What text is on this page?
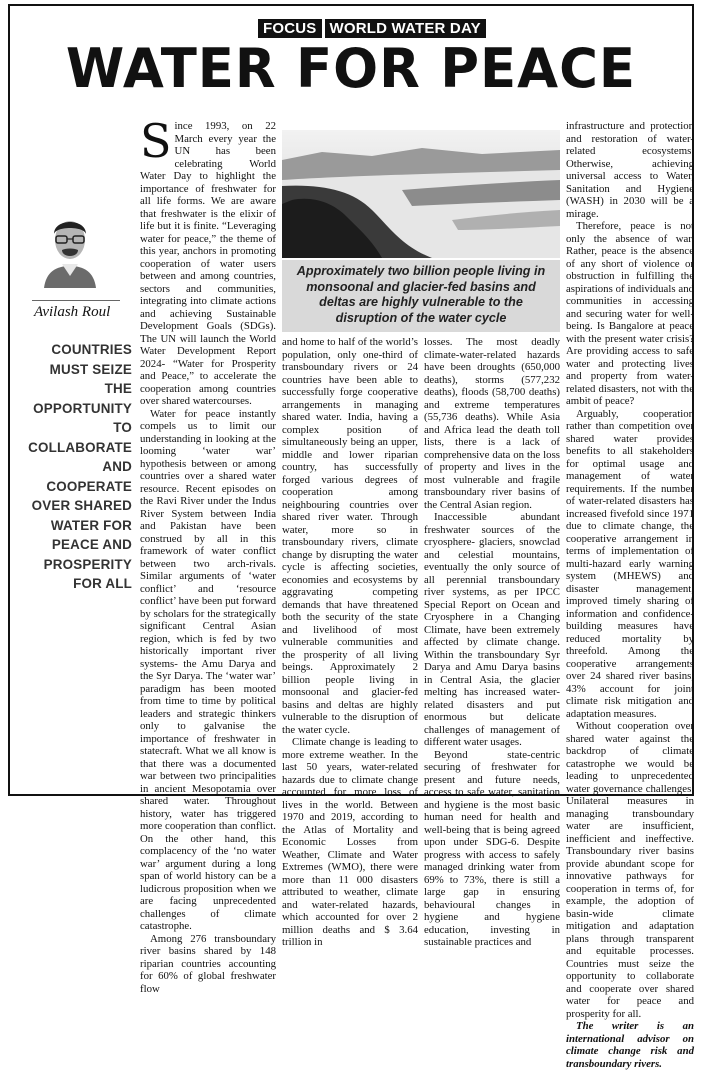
FOCUS WORLD WATER DAY
WATER FOR PEACE
Avilash Roul
COUNTRIES MUST SEIZE THE OPPORTUNITY TO COLLABORATE AND COOPERATE OVER SHARED WATER FOR PEACE AND PROSPERITY FOR ALL
S ince 1993, on 22 March every year the UN has been celebrating World Water Day to highlight the importance of freshwater for all life forms. We are aware that freshwater is the elixir of life but it is finite. “Leveraging water for peace,” the theme of this year, anchors in promoting cooperation of water users between and among countries, sectors and communities, integrating into climate actions and achieving Sustainable Development Goals (SDGs). The UN will launch the World Water Development Report 2024- “Water for Prosperity and Peace,” to accelerate the cooperation among countries over shared watercourses.

Water for peace instantly compels us to limit our understanding in looking at the looming ‘water war’ hypothesis between or among countries over a shared water resource. Recent episodes on the Ravi River under the Indus River System between India and Pakistan have been construed by all in this framework of water conflict between two arch-rivals. Similar arguments of ‘water conflict’ and ‘resource conflict’ have been put forward by scholars for the strategically significant Central Asian region, which is fed by two historically important river systems- the Amu Darya and the Syr Darya. The ‘water war’ paradigm has been mooted from time to time by political leaders and strategic thinkers only to galvanise the importance of freshwater in statecraft. What we all know is that there was a documented war between two principalities in ancient Mesopotamia over shared water. Throughout history, water has triggered more cooperation than conflict. On the other hand, this complacency of the ‘no water war’ argument during a long span of world history can be a ludicrous proposition when we are facing unprecedented challenges of climate catastrophe.

Among 276 transboundary river basins shared by 148 riparian countries accounting for 60% of global freshwater flow

Approximately two billion people living in monsoonal and glacier-fed basins and deltas are highly vulnerable to the disruption of the water cycle

and home to half of the world’s population, only one-third of transboundary rivers or 24 countries have been able to successfully forge cooperative arrangements in managing shared water. India, having a complex position of simultaneously being an upper, middle and lower riparian country, has successfully forged various degrees of cooperation among neighbouring countries over shared river water. Through water, more so in transboundary rivers, climate change by disrupting the water cycle is affecting societies, economies and ecosystems by aggravating competing demands that have threatened both the security of the state and livelihood of most vulnerable communities and the prosperity of all living beings. Approximately 2 billion people living in monsoonal and glacier-fed basins and deltas are highly vulnerable to the disruption of the water cycle.

Climate change is leading to more extreme weather. In the last 50 years, water-related hazards due to climate change accounted for more loss of lives in the world. Between 1970 and 2019, according to the Atlas of Mortality and Economic Losses from Weather, Climate and Water Extremes (WMO), there were more than 11 000 disasters attributed to weather, climate and water-related hazards, which accounted for over 2 million deaths and $ 3.64 trillion in

losses. The most deadly climate-water-related hazards have been droughts (650,000 deaths), storms (577,232 deaths), floods (58,700 deaths) and extreme temperatures (55,736 deaths). While Asia and Africa lead the death toll lists, there is a lack of comprehensive data on the loss of property and lives in the most vulnerable and fragile transboundary river basins of the Central Asian region.

Inaccessible abundant freshwater sources of the cryosphere- glaciers, snowclad and celestial mountains, eventually the only source of all perennial transboundary river systems, as per IPCC Special Report on Ocean and Cryosphere in a Changing Climate, have been extremely affected by climate change. Within the transboundary Syr Darya and Amu Darya basins in Central Asia, the glacier melting has increased water-related disasters and put enormous but delicate challenges of management of different water usages.

Beyond state-centric securing of freshwater for present and future needs, access to safe water, sanitation and hygiene is the most basic human need for health and well-being that is being agreed upon under SDG-6. Despite progress with access to safely managed drinking water from 69% to 73%, there is still a large gap in ensuring behavioural changes in hygiene and hygiene education, investing in sustainable practices and

infrastructure and protection and restoration of water-related ecosystems. Otherwise, achieving universal access to Water, Sanitation and Hygiene (WASH) in 2030 will be a mirage.

Therefore, peace is not only the absence of war. Rather, peace is the absence of any short of violence or obstruction in fulfilling the aspirations of individuals and communities in accessing and securing water for well-being. Is Bangalore at peace with the present water crisis? Are providing access to safe water and protecting lives and property from water-related disasters, not with the ambit of peace?

Arguably, cooperation rather than competition over shared water provides benefits to all stakeholders for optimal usage and management of water requirements. If the number of water-related disasters has increased fivefold since 1971 due to climate change, the cooperative arrangement in terms of implementation of multi-hazard early warning system (MHEWS) and disaster management, improved timely sharing of information and confidence-building measures have reduced mortality by threefold. Among the cooperative arrangements over 24 shared river basins, 43% account for joint climate risk mitigation and adaptation measures.

Without cooperation over shared water against the backdrop of climate catastrophe we would be leading to unprecedented water governance challenges. Unilateral measures in managing transboundary water are insufficient, inefficient and ineffective. Transboundary river basins provide abundant scope for innovative pathways for cooperation in terms of, for example, the adoption of basin-wide climate mitigation and adaptation plans through transparent and equitable processes. Countries must seize the opportunity to collaborate and cooperate over shared water for peace and prosperity for all.

The writer is an international advisor on climate change risk and transboundary rivers.
